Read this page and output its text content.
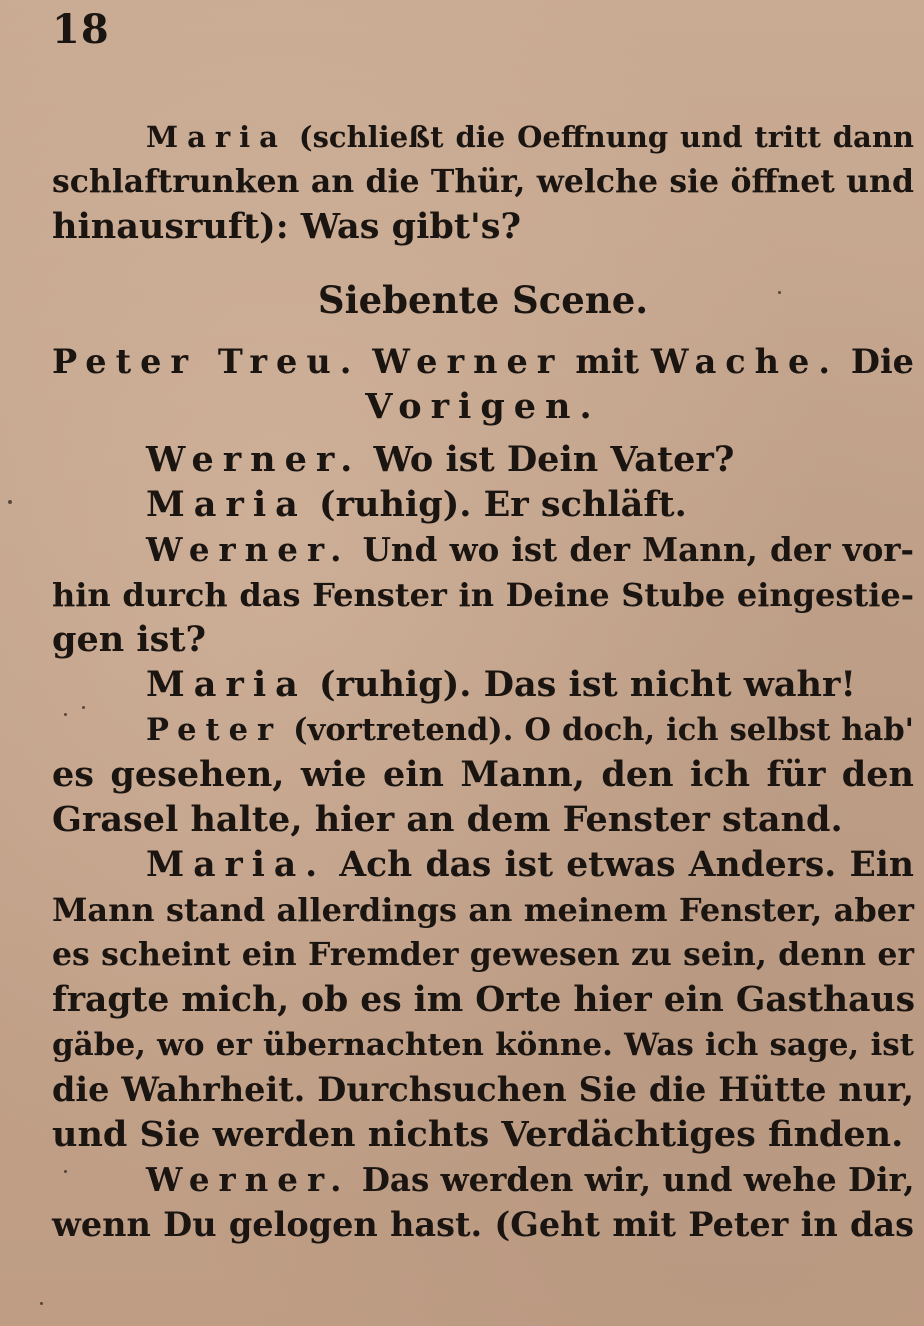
18
Maria (schließt die Oeffnung und tritt dann
schlaftrunken an die Thür, welche sie öffnet und
hinausruft): Was gibt's?
Siebente Scene.
Peter Treu. Werner mit Wache. Die
Vorigen.
Werner. Wo ist Dein Vater?
Maria (ruhig). Er schläft.
Werner. Und wo ist der Mann, der vor-
hin durch das Fenster in Deine Stube eingestie-
gen ist?
Maria (ruhig). Das ist nicht wahr!
Peter (vortretend). O doch, ich selbst hab'
es gesehen, wie ein Mann, den ich für den
Grasel halte, hier an dem Fenster stand.
Maria. Ach das ist etwas Anders. Ein
Mann stand allerdings an meinem Fenster, aber
es scheint ein Fremder gewesen zu sein, denn er
fragte mich, ob es im Orte hier ein Gasthaus
gäbe, wo er übernachten könne. Was ich sage, ist
die Wahrheit. Durchsuchen Sie die Hütte nur,
und Sie werden nichts Verdächtiges finden.
Werner. Das werden wir, und wehe Dir,
wenn Du gelogen hast. (Geht mit Peter in das
